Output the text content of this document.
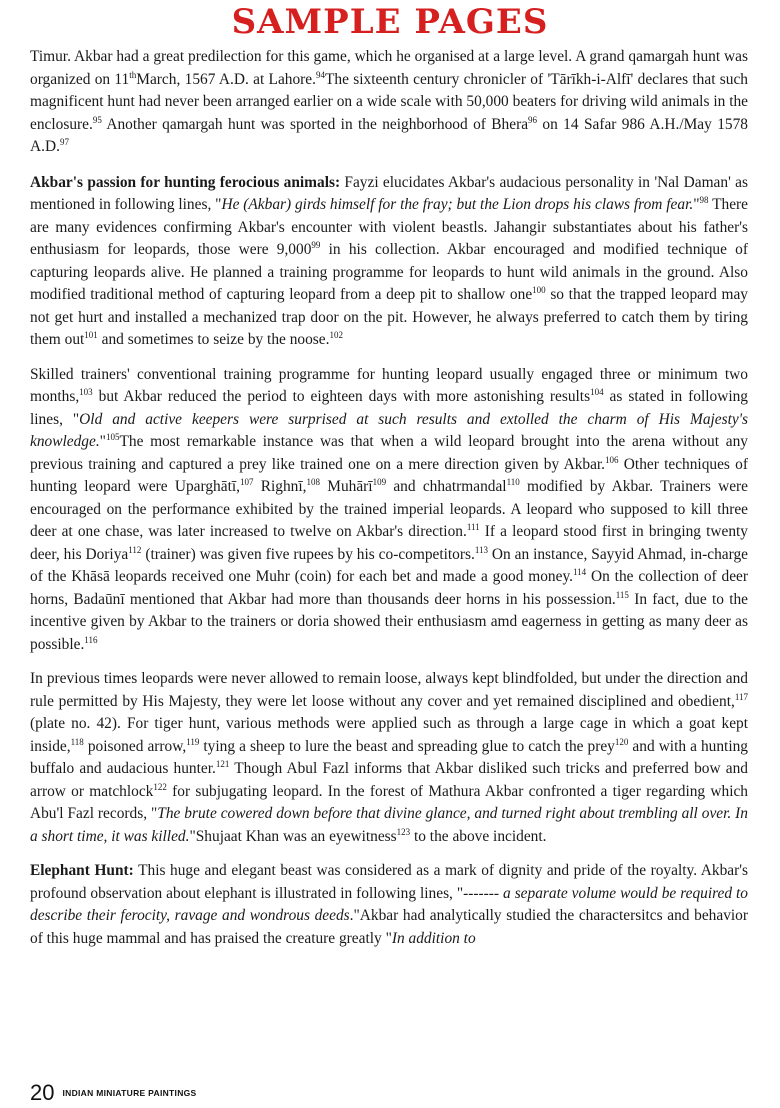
SAMPLE PAGES

Timur. Akbar had a great predilection for this game, which he organised at a large level. A grand qamargah hunt was organized on 11thMarch, 1567 A.D. at Lahore.$^{94}$The sixteenth century chronicler of 'Tārīkh-i-Alfī' declares that such magnificent hunt had never been arranged earlier on a wide scale with 50,000 beaters for driving wild animals in the enclosure.$^{95}$ Another qamargah hunt was sported in the neighborhood of Bhera$^{96}$ on 14 Safar 986 A.H./May 1578 A.D.$^{97}$

Akbar's passion for hunting ferocious animals: Fayzi elucidates Akbar's audacious personality in 'Nal Daman' as mentioned in following lines, "He (Akbar) girds himself for the fray; but the Lion drops his claws from fear."$^{98}$ There are many evidences confirming Akbar's encounter with violent beastls. Jahangir substantiates about his father's enthusiasm for leopards, those were 9,000$^{99}$ in his collection. Akbar encouraged and modified technique of capturing leopards alive. He planned a training programme for leopards to hunt wild animals in the ground. Also modified traditional method of capturing leopard from a deep pit to shallow one$^{100}$ so that the trapped leopard may not get hurt and installed a mechanized trap door on the pit. However, he always preferred to catch them by tiring them out$^{101}$ and sometimes to seize by the noose.$^{102}$

Skilled trainers' conventional training programme for hunting leopard usually engaged three or minimum two months,$^{103}$ but Akbar reduced the period to eighteen days with more astonishing results$^{104}$ as stated in following lines, "Old and active keepers were surprised at such results and extolled the charm of His Majesty's knowledge."$^{105}$The most remarkable instance was that when a wild leopard brought into the arena without any previous training and captured a prey like trained one on a mere direction given by Akbar.$^{106}$ Other techniques of hunting leopard were Uparghātī,$^{107}$ Righnī,$^{108}$ Muhārī$^{109}$ and chhatrmandal$^{110}$ modified by Akbar. Trainers were encouraged on the performance exhibited by the trained imperial leopards. A leopard who supposed to kill three deer at one chase, was later increased to twelve on Akbar's direction.$^{111}$ If a leopard stood first in bringing twenty deer, his Doriya$^{112}$ (trainer) was given five rupees by his co-competitors.$^{113}$ On an instance, Sayyid Ahmad, in-charge of the Khāsā leopards received one Muhr (coin) for each bet and made a good money.$^{114}$ On the collection of deer horns, Badaūnī mentioned that Akbar had more than thousands deer horns in his possession.$^{115}$ In fact, due to the incentive given by Akbar to the trainers or doria showed their enthusiasm amd eagerness in getting as many deer as possible.$^{116}$

In previous times leopards were never allowed to remain loose, always kept blindfolded, but under the direction and rule permitted by His Majesty, they were let loose without any cover and yet remained disciplined and obedient,$^{117}$ (plate no. 42). For tiger hunt, various methods were applied such as through a large cage in which a goat kept inside,$^{118}$ poisoned arrow,$^{119}$ tying a sheep to lure the beast and spreading glue to catch the prey$^{120}$ and with a hunting buffalo and audacious hunter.$^{121}$ Though Abul Fazl informs that Akbar disliked such tricks and preferred bow and arrow or matchlock$^{122}$ for subjugating leopard. In the forest of Mathura Akbar confronted a tiger regarding which Abu'l Fazl records, "The brute cowered down before that divine glance, and turned right about trembling all over. In a short time, it was killed."Shujaat Khan was an eyewitness$^{123}$ to the above incident.

Elephant Hunt: This huge and elegant beast was considered as a mark of dignity and pride of the royalty. Akbar's profound observation about elephant is illustrated in following lines, "------- a separate volume would be required to describe their ferocity, ravage and wondrous deeds."Akbar had analytically studied the charactersitcs and behavior of this huge mammal and has praised the creature greatly "In addition to

20 INDIAN MINIATURE PAINTINGS
